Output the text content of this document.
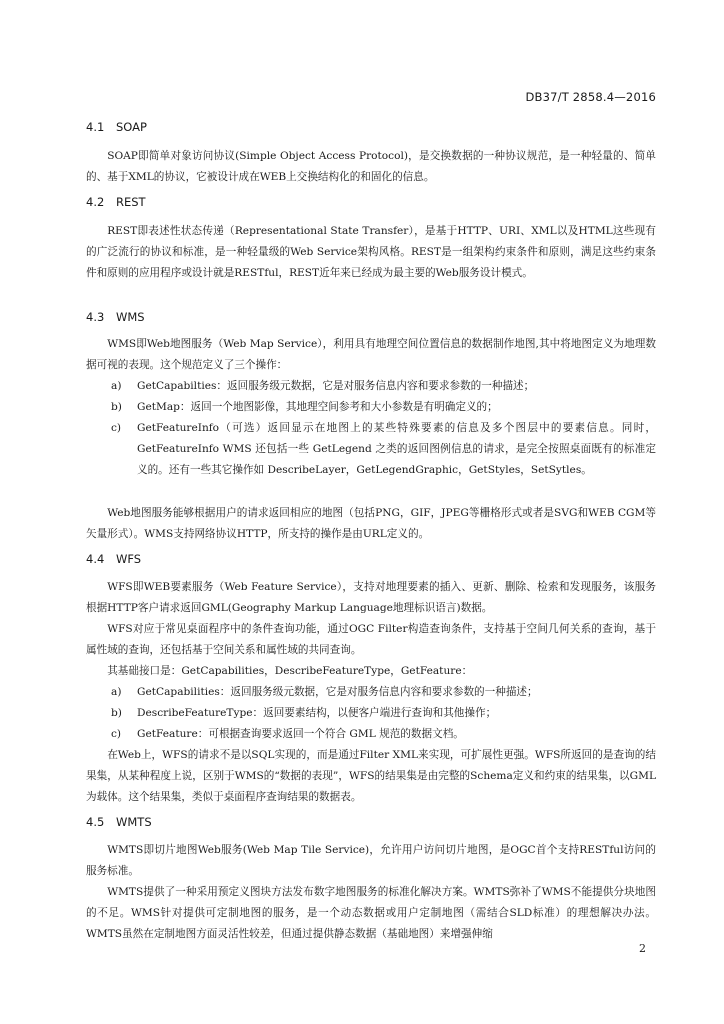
DB37/T 2858.4—2016
4.1 SOAP

SOAP即简单对象访问协议(Simple Object Access Protocol)，是交换数据的一种协议规范，是一种轻量的、简单的、基于XML的协议，它被设计成在WEB上交换结构化的和固化的信息。

4.2 REST

REST即表述性状态传递（Representational State Transfer），是基于HTTP、URI、XML以及HTML这些现有的广泛流行的协议和标准，是一种轻量级的Web Service架构风格。REST是一组架构约束条件和原则，满足这些约束条件和原则的应用程序或设计就是RESTful，REST近年来已经成为最主要的Web服务设计模式。

4.3 WMS

WMS即Web地图服务（Web Map Service），利用具有地理空间位置信息的数据制作地图,其中将地图定义为地理数据可视的表现。这个规范定义了三个操作：

a) GetCapabilties：返回服务级元数据，它是对服务信息内容和要求参数的一种描述；
b) GetMap：返回一个地图影像，其地理空间参考和大小参数是有明确定义的；
c) GetFeatureInfo（可选）返回显示在地图上的某些特殊要素的信息及多个图层中的要素信息。同时，GetFeatureInfo WMS 还包括一些 GetLegend 之类的返回图例信息的请求，是完全按照桌面既有的标准定义的。还有一些其它操作如 DescribeLayer，GetLegendGraphic，GetStyles，SetSytles。

Web地图服务能够根据用户的请求返回相应的地图（包括PNG，GIF，JPEG等栅格形式或者是SVG和WEB CGM等矢量形式）。WMS支持网络协议HTTP，所支持的操作是由URL定义的。

4.4 WFS

WFS即WEB要素服务（Web Feature Service），支持对地理要素的插入、更新、删除、检索和发现服务，该服务根据HTTP客户请求返回GML(Geography Markup Language地理标识语言)数据。

WFS对应于常见桌面程序中的条件查询功能，通过OGC Filter构造查询条件，支持基于空间几何关系的查询，基于属性域的查询，还包括基于空间关系和属性域的共同查询。

其基础接口是：GetCapabilities，DescribeFeatureType，GetFeature：

a) GetCapabilities：返回服务级元数据，它是对服务信息内容和要求参数的一种描述；
b) DescribeFeatureType：返回要素结构，以便客户端进行查询和其他操作；
c) GetFeature：可根据查询要求返回一个符合 GML 规范的数据文档。

在Web上，WFS的请求不是以SQL实现的，而是通过Filter XML来实现，可扩展性更强。WFS所返回的是查询的结果集，从某种程度上说，区别于WMS的“数据的表现”，WFS的结果集是由完整的Schema定义和约束的结果集，以GML为载体。这个结果集，类似于桌面程序查询结果的数据表。

4.5 WMTS

WMTS即切片地图Web服务(Web Map Tile Service)，允许用户访问切片地图，是OGC首个支持RESTful访问的服务标准。

WMTS提供了一种采用预定义图块方法发布数字地图服务的标准化解决方案。WMTS弥补了WMS不能提供分块地图的不足。WMS针对提供可定制地图的服务，是一个动态数据或用户定制地图（需结合SLD标准）的理想解决办法。WMTS虽然在定制地图方面灵活性较差，但通过提供静态数据（基础地图）来增强伸缩

2
